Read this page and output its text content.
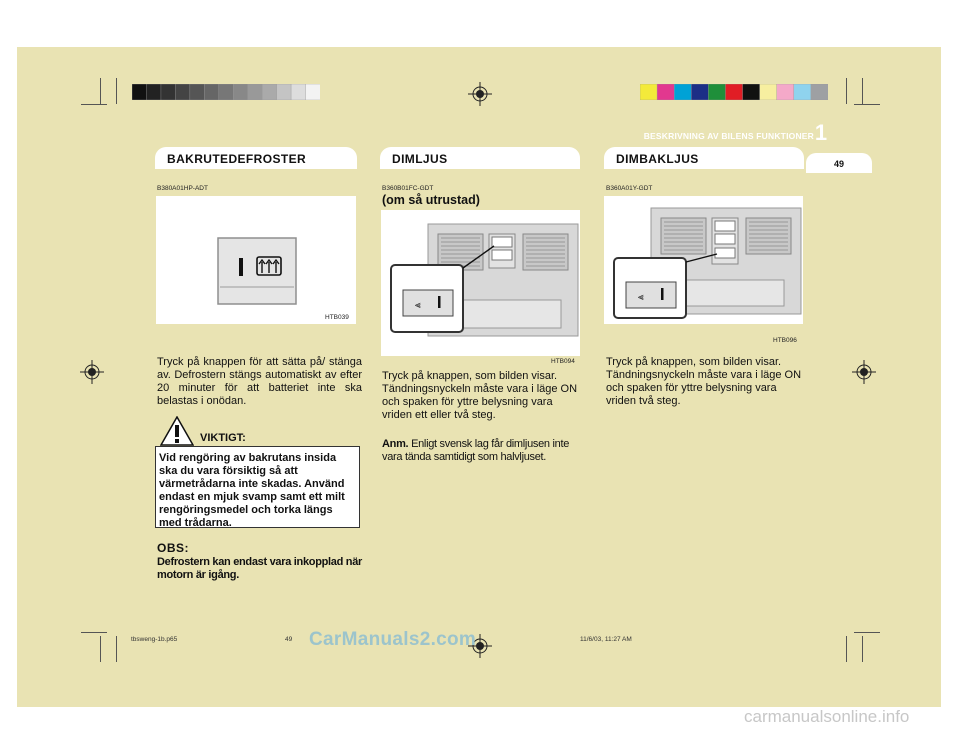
BESKRIVNING AV BILENS FUNKTIONER 1
49
BAKRUTEDEFROSTER	DIMLJUS	DIMBAKLJUS
B380A01HP-ADT
HTB039
Tryck på knappen för att sätta på/ stänga av. Defrostern stängs automatiskt av efter 20 minuter för att batteriet inte ska belastas i onödan.
VIKTIGT:
Vid rengöring av bakrutans insida ska du vara försiktig så att värmetrådarna inte skadas. Använd endast en mjuk svamp samt ett milt rengöringsmedel och torka längs med trådarna.
OBS:
Defrostern kan endast vara inkopplad när motorn är igång.
B360B01FC-GDT
(om så utrustad)
⫷
HTB094
Tryck på knappen, som bilden visar. Tändningsnyckeln måste vara i läge ON och spaken för yttre belysning vara vriden ett eller två steg.
Anm. Enligt svensk lag får dimljusen inte vara tända samtidigt som halvljuset.
B360A01Y-GDT
⫷
HTB096
Tryck på knappen, som bilden visar. Tändningsnyckeln måste vara i läge ON och spaken för yttre belysning vara vriden två steg.
tbsweng-1b.p65	49	11/6/03, 11:27 AM
CarManuals2.com
carmanualsonline.info
